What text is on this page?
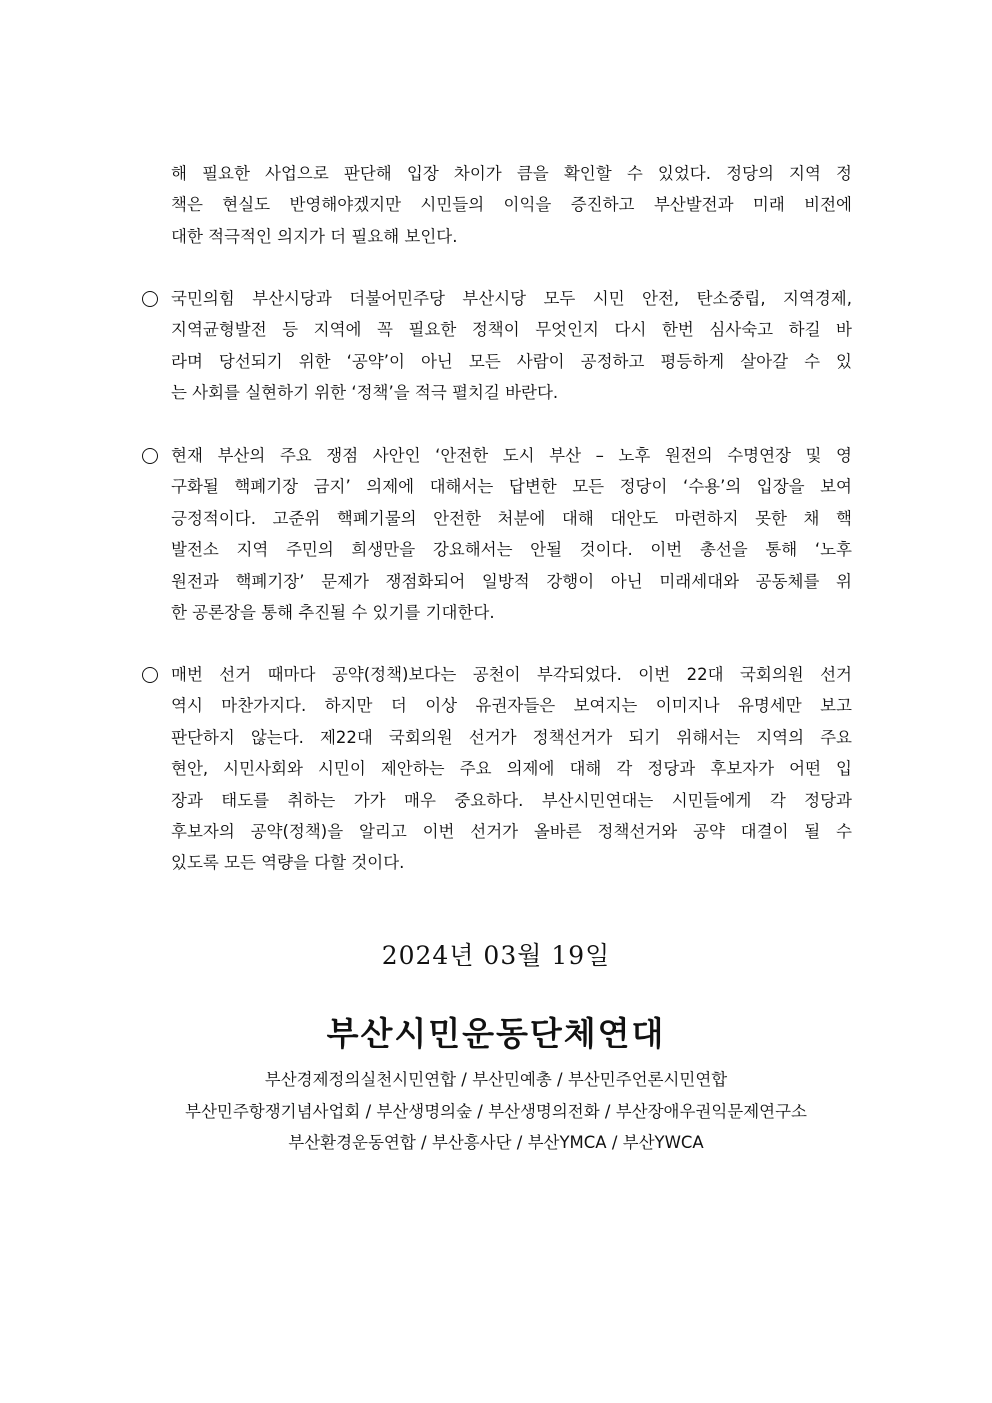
해 필요한 사업으로 판단해 입장 차이가 큼을 확인할 수 있었다. 정당의 지역 정
책은 현실도 반영해야겠지만 시민들의 이익을 증진하고 부산발전과 미래 비전에
대한 적극적인 의지가 더 필요해 보인다.
국민의힘 부산시당과 더불어민주당 부산시당 모두 시민 안전, 탄소중립, 지역경제,
지역균형발전 등 지역에 꼭 필요한 정책이 무엇인지 다시 한번 심사숙고 하길 바
라며 당선되기 위한 ‘공약’이 아닌 모든 사람이 공정하고 평등하게 살아갈 수 있
는 사회를 실현하기 위한 ‘정책’을 적극 펼치길 바란다.
현재 부산의 주요 쟁점 사안인 ‘안전한 도시 부산 – 노후 원전의 수명연장 및 영
구화될 핵폐기장 금지’ 의제에 대해서는 답변한 모든 정당이 ‘수용’의 입장을 보여
긍정적이다. 고준위 핵폐기물의 안전한 처분에 대해 대안도 마련하지 못한 채 핵
발전소 지역 주민의 희생만을 강요해서는 안될 것이다. 이번 총선을 통해 ‘노후
원전과 핵폐기장’ 문제가 쟁점화되어 일방적 강행이 아닌 미래세대와 공동체를 위
한 공론장을 통해 추진될 수 있기를 기대한다.
매번 선거 때마다 공약(정책)보다는 공천이 부각되었다. 이번 22대 국회의원 선거
역시 마찬가지다. 하지만 더 이상 유권자들은 보여지는 이미지나 유명세만 보고
판단하지 않는다. 제22대 국회의원 선거가 정책선거가 되기 위해서는 지역의 주요
현안, 시민사회와 시민이 제안하는 주요 의제에 대해 각 정당과 후보자가 어떤 입
장과 태도를 취하는 가가 매우 중요하다. 부산시민연대는 시민들에게 각 정당과
후보자의 공약(정책)을 알리고 이번 선거가 올바른 정책선거와 공약 대결이 될 수
있도록 모든 역량을 다할 것이다.
2024년 03월 19일
부산시민운동단체연대
부산경제정의실천시민연합 / 부산민예총 / 부산민주언론시민연합
부산민주항쟁기념사업회 / 부산생명의숲 / 부산생명의전화 / 부산장애우권익문제연구소
부산환경운동연합 / 부산흥사단 / 부산YMCA / 부산YWCA
